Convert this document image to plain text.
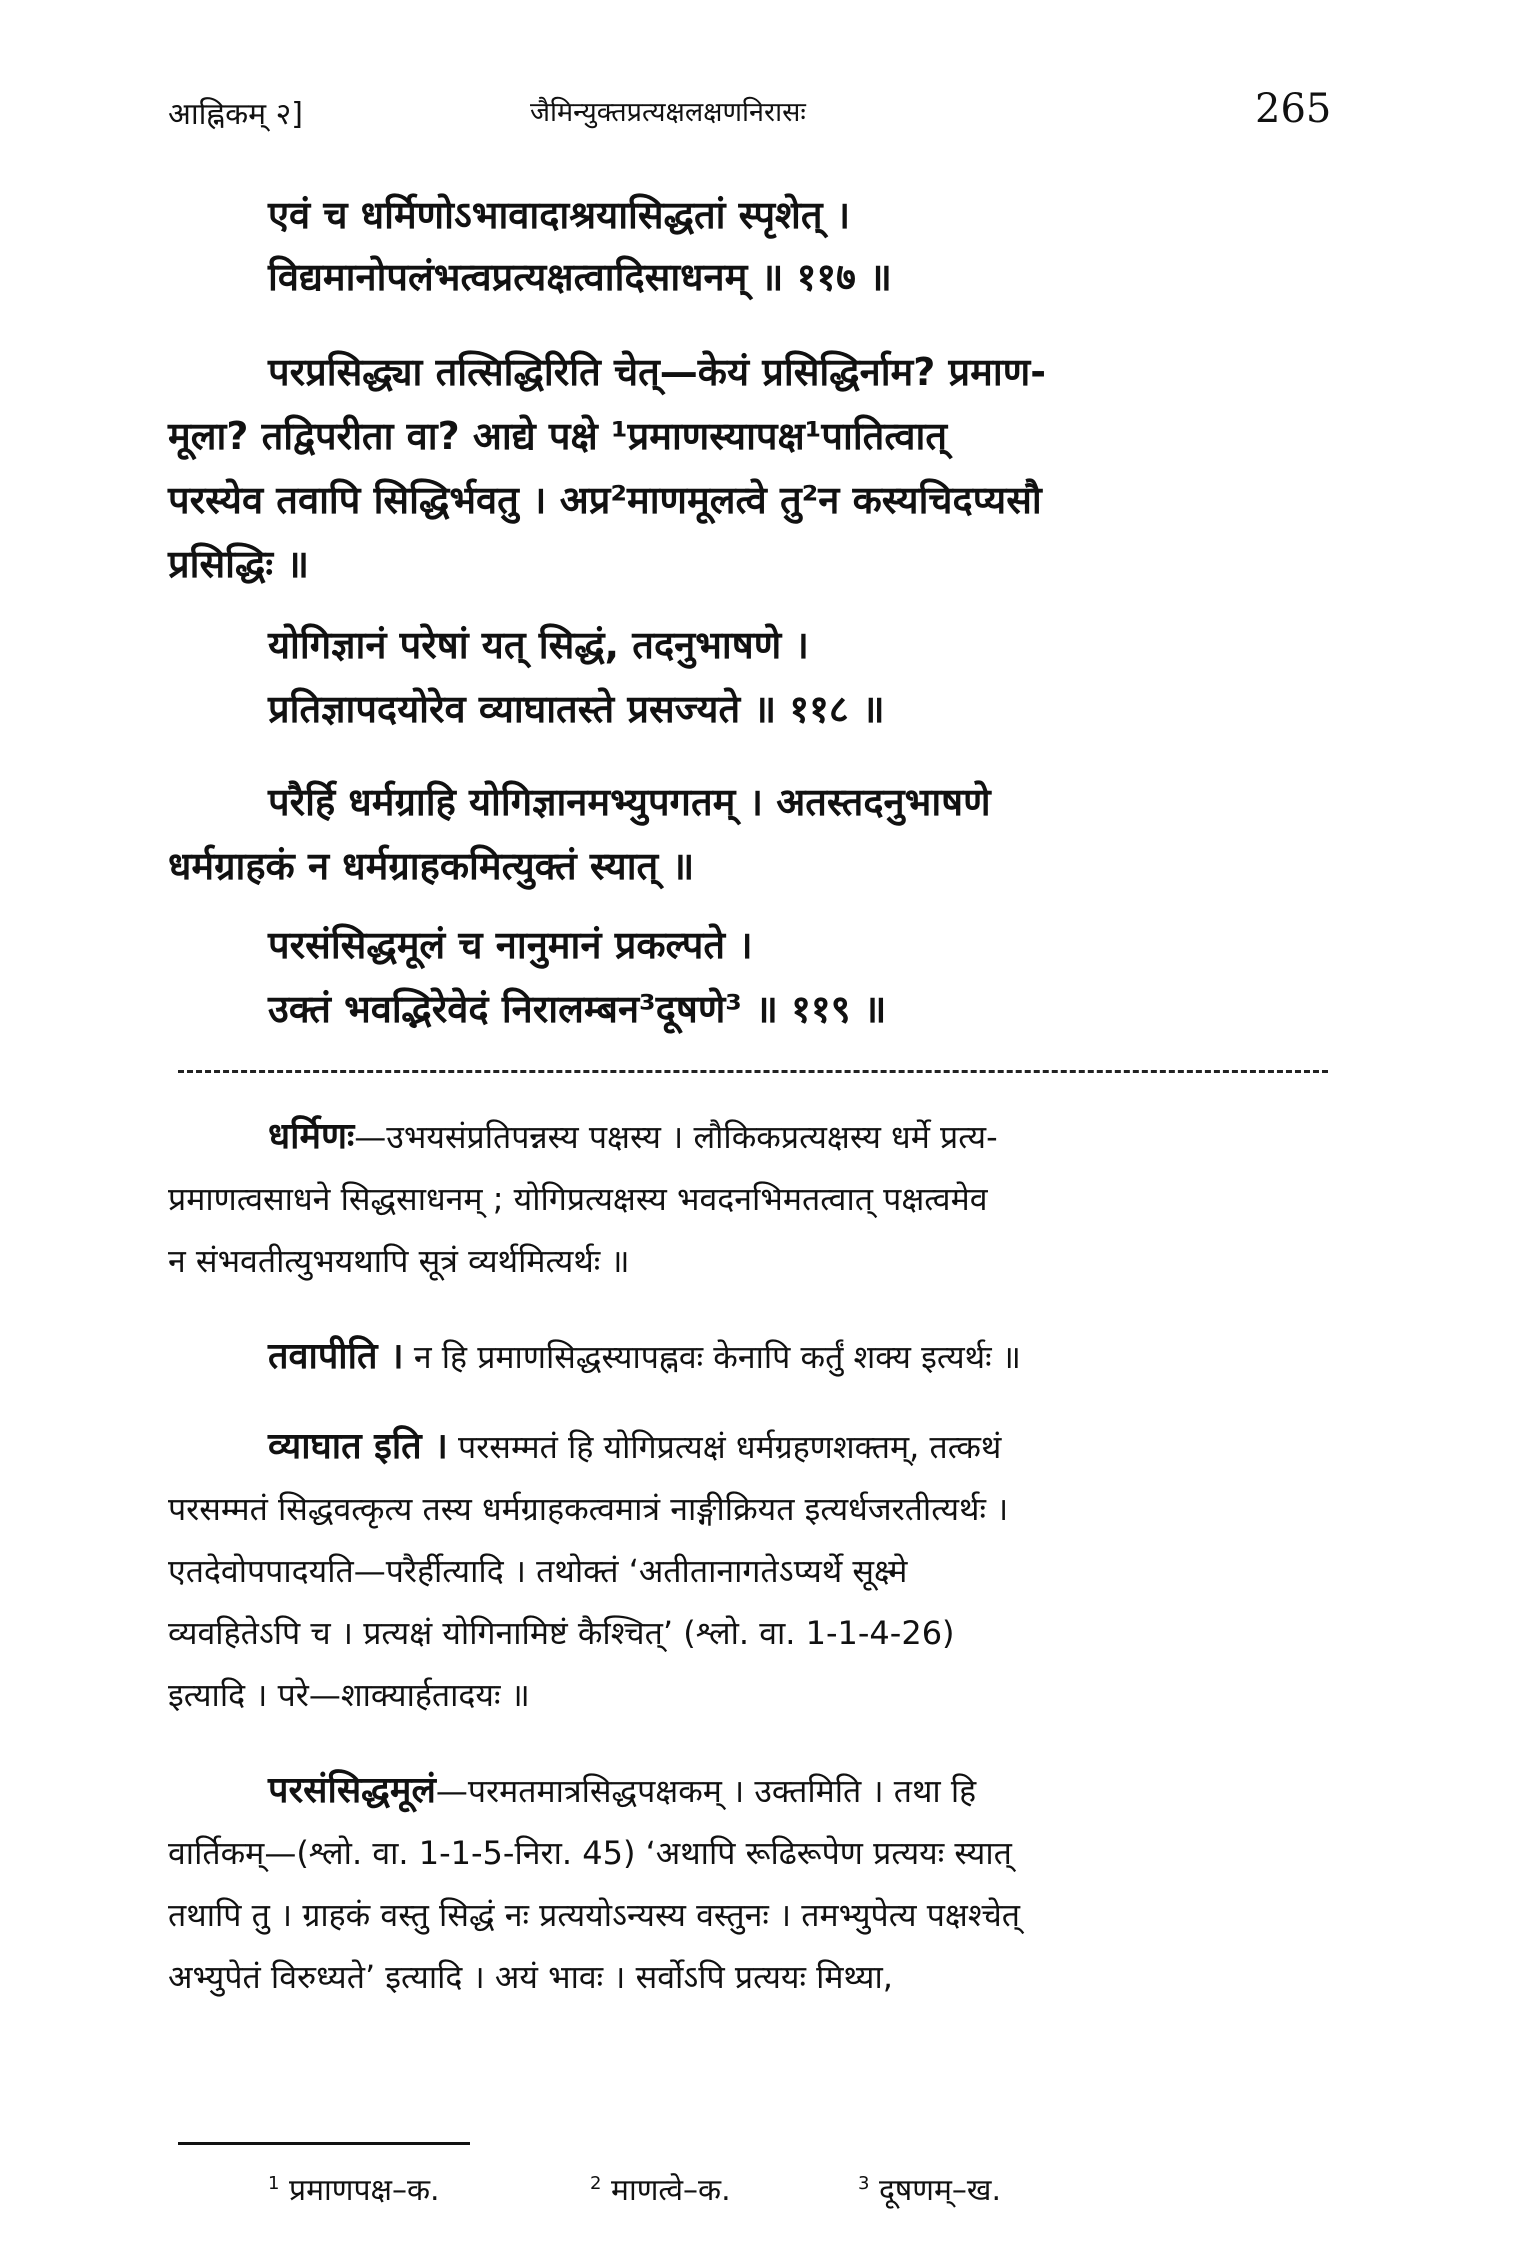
आह्निकम् २]	जैमिन्युक्तप्रत्यक्षलक्षणनिरासः	265
एवं च धर्मिणोऽभावादाश्रयासिद्धतां स्पृशेत् ।
विद्यमानोपलंभत्वप्रत्यक्षत्वादिसाधनम् ॥ ११७ ॥

परप्रसिद्ध्या तत्सिद्धिरिति चेत्—केयं प्रसिद्धिर्नाम? प्रमाण-

मूला? तद्विपरीता वा? आद्ये पक्षे ¹प्रमाणस्यापक्ष¹पातित्वात्

परस्येव तवापि सिद्धिर्भवतु । अप्र²माणमूलत्वे तु²न कस्यचिदप्यसौ

प्रसिद्धिः ॥

योगिज्ञानं परेषां यत् सिद्धं, तदनुभाषणे ।
प्रतिज्ञापदयोरेव व्याघातस्ते प्रसज्यते ॥ ११८ ॥

परैर्हि धर्मग्राहि योगिज्ञानमभ्युपगतम् । अतस्तदनुभाषणे

धर्मग्राहकं न धर्मग्राहकमित्युक्तं स्यात् ॥

परसंसिद्धमूलं च नानुमानं प्रकल्पते ।
उक्तं भवद्भिरेवेदं निरालम्बन³दूषणे³ ॥ ११९ ॥

धर्मिणः—उभयसंप्रतिपन्नस्य पक्षस्य । लौकिकप्रत्यक्षस्य धर्मे प्रत्य-

प्रमाणत्वसाधने सिद्धसाधनम् ; योगिप्रत्यक्षस्य भवदनभिमतत्वात् पक्षत्वमेव

न संभवतीत्युभयथापि सूत्रं व्यर्थमित्यर्थः ॥

तवापीति । न हि प्रमाणसिद्धस्यापह्नवः केनापि कर्तुं शक्य इत्यर्थः ॥

व्याघात इति । परसम्मतं हि योगिप्रत्यक्षं धर्मग्रहणशक्तम्, तत्कथं

परसम्मतं सिद्धवत्कृत्य तस्य धर्मग्राहकत्वमात्रं नाङ्गीक्रियत इत्यर्धजरतीत्यर्थः ।

एतदेवोपपादयति—परैर्हीत्यादि । तथोक्तं ‘अतीतानागतेऽप्यर्थे सूक्ष्मे

व्यवहितेऽपि च । प्रत्यक्षं योगिनामिष्टं कैश्चित्’ (श्लो. वा. 1-1-4-26)

इत्यादि । परे—शाक्यार्हतादयः ॥

परसंसिद्धमूलं—परमतमात्रसिद्धपक्षकम् । उक्तमिति । तथा हि

वार्तिकम्—(श्लो. वा. 1-1-5-निरा. 45) ‘अथापि रूढिरूपेण प्रत्ययः स्यात्

तथापि तु । ग्राहकं वस्तु सिद्धं नः प्रत्ययोऽन्यस्य वस्तुनः । तमभ्युपेत्य पक्षश्चेत्

अभ्युपेतं विरुध्यते’ इत्यादि । अयं भावः । सर्वोऽपि प्रत्ययः मिथ्या,

$^1$ प्रमाणपक्ष–क.	$^2$ माणत्वे–क.	$^3$ दूषणम्–ख.
